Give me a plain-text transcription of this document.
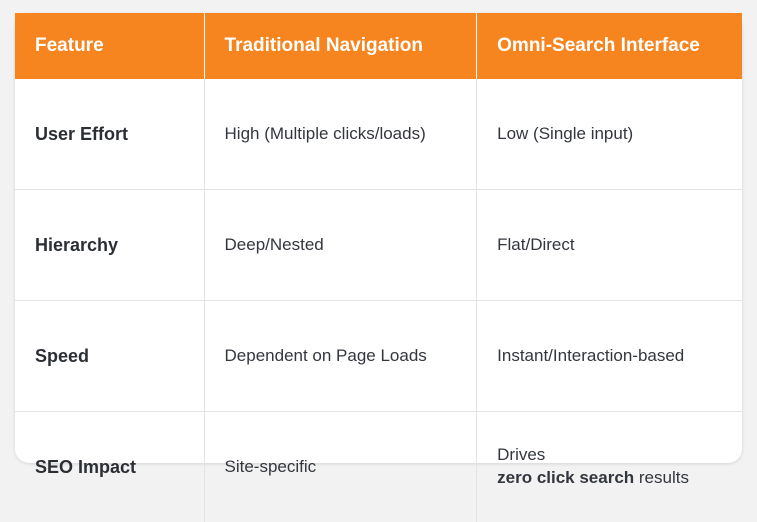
Feature	Traditional Navigation	Omni-Search Interface
User Effort	High (Multiple clicks/loads)	Low (Single input)
Hierarchy	Deep/Nested	Flat/Direct
Speed	Dependent on Page Loads	Instant/Interaction-based
SEO Impact	Site-specific	Drives
zero click search results
